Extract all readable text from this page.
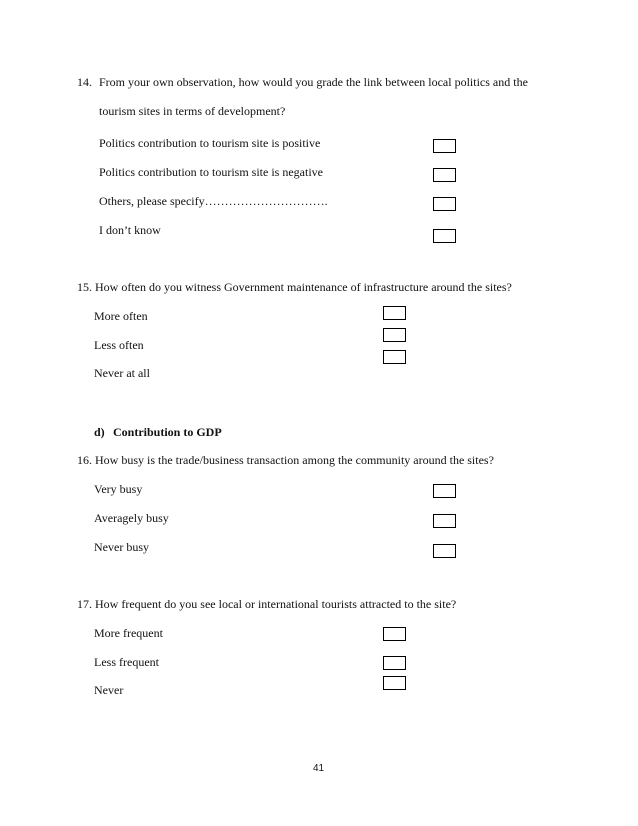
14. From your own observation, how would you grade the link between local politics and the
tourism sites in terms of development?
Politics contribution to tourism site is positive
Politics contribution to tourism site is negative
Others, please specify………………………….
I don’t know
15. How often do you witness Government maintenance of infrastructure around the sites?
More often
Less often
Never at all
d) Contribution to GDP
16. How busy is the trade/business transaction among the community around the sites?
Very busy
Averagely busy
Never busy
17. How frequent do you see local or international tourists attracted to the site?
More frequent
Less frequent
Never
41
